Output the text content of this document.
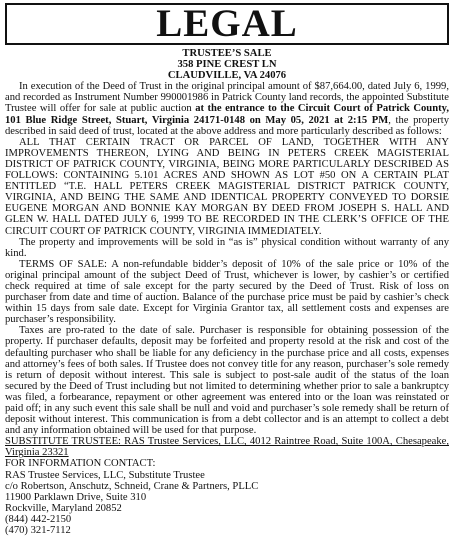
LEGAL
TRUSTEE’S SALE
358 PINE CREST LN
CLAUDVILLE, VA 24076

In execution of the Deed of Trust in the original principal amount of $87,664.00, dated July 6, 1999, and recorded as Instrument Number 990001986 in Patrick County land records, the appointed Substitute Trustee will offer for sale at public auction at the entrance to the Circuit Court of Patrick County, 101 Blue Ridge Street, Stuart, Virginia 24171-0148 on May 05, 2021 at 2:15 PM, the property described in said deed of trust, located at the above address and more particularly described as follows:

ALL THAT CERTAIN TRACT OR PARCEL OF LAND, TOGETHER WITH ANY IMPROVEMENTS THEREON, LYING AND BEING IN PETERS CREEK MAGISTERIAL DISTRICT OF PATRICK COUNTY, VIRGINIA, BEING MORE PARTICULARLY DESCRIBED AS FOLLOWS: CONTAINING 5.101 ACRES AND SHOWN AS LOT #50 ON A CERTAIN PLAT ENTITLED “T.E. HALL PETERS CREEK MAGISTERIAL DISTRICT PATRICK COUNTY, VIRGINIA, AND BEING THE SAME AND IDENTICAL PROPERTY CONVEYED TO DORSIE EUGENE MORGAN AND BONNIE KAY MORGAN BY DEED FROM JOSEPH S. HALL AND GLEN W. HALL DATED JULY 6, 1999 TO BE RECORDED IN THE CLERK’S OFFICE OF THE CIRCUIT COURT OF PATRICK COUNTY, VIRGINIA IMMEDIATELY.

The property and improvements will be sold in “as is” physical condition without warranty of any kind.

TERMS OF SALE: A non-refundable bidder’s deposit of 10% of the sale price or 10% of the original principal amount of the subject Deed of Trust, whichever is lower, by cashier’s or certified check required at time of sale except for the party secured by the Deed of Trust. Risk of loss on purchaser from date and time of auction. Balance of the purchase price must be paid by cashier’s check within 15 days from sale date. Except for Virginia Grantor tax, all settlement costs and expenses are purchaser’s responsibility.

Taxes are pro-rated to the date of sale. Purchaser is responsible for obtaining possession of the property. If purchaser defaults, deposit may be forfeited and property resold at the risk and cost of the defaulting purchaser who shall be liable for any deficiency in the purchase price and all costs, expenses and attorney’s fees of both sales. If Trustee does not convey title for any reason, purchaser’s sole remedy is return of deposit without interest. This sale is subject to post-sale audit of the status of the loan secured by the Deed of Trust including but not limited to determining whether prior to sale a bankruptcy was filed, a forbearance, repayment or other agreement was entered into or the loan was reinstated or paid off; in any such event this sale shall be null and void and purchaser’s sole remedy shall be return of deposit without interest. This communication is from a debt collector and is an attempt to collect a debt and any information obtained will be used for that purpose.

SUBSTITUTE TRUSTEE: RAS Trustee Services, LLC, 4012 Raintree Road, Suite 100A, Chesapeake, Virginia 23321

FOR INFORMATION CONTACT:
RAS Trustee Services, LLC, Substitute Trustee
c/o Robertson, Anschutz, Schneid, Crane & Partners, PLLC
11900 Parklawn Drive, Suite 310
Rockville, Maryland 20852
(844) 442-2150
(470) 321-7112
